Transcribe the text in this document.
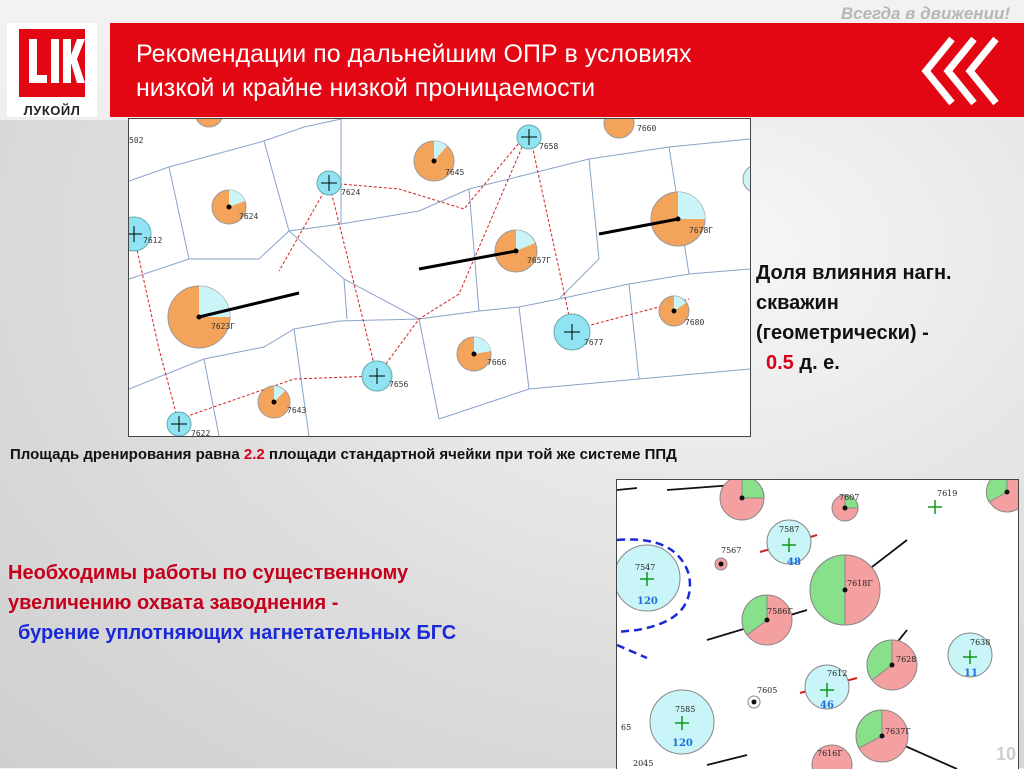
Всегда в движении!
ЛУКОЙЛ
Рекомендации по дальнейшим ОПР в условиях
низкой и крайне низкой проницаемости
502
7660
7658
7645
7624
7624
7678Г
7612
7657Г
7623Г	7680
7677
7666
7656
7643
7622
Доля влияния нагн.
скважин
(геометрически) -
0.5 д. е.
Площадь дренирования равна 2.2 площади стандартной ячейки при той же системе ППД
Необходимы работы по существенному
увеличению охвата заводнения -
бурение уплотняющих нагнетательных БГС
7607	7619
7587
7567
7547
7618Г
7586Г
7638
7628
7612
7605
7585
7637Г
7616Г
2045
65
48
120
11
46
120
10
